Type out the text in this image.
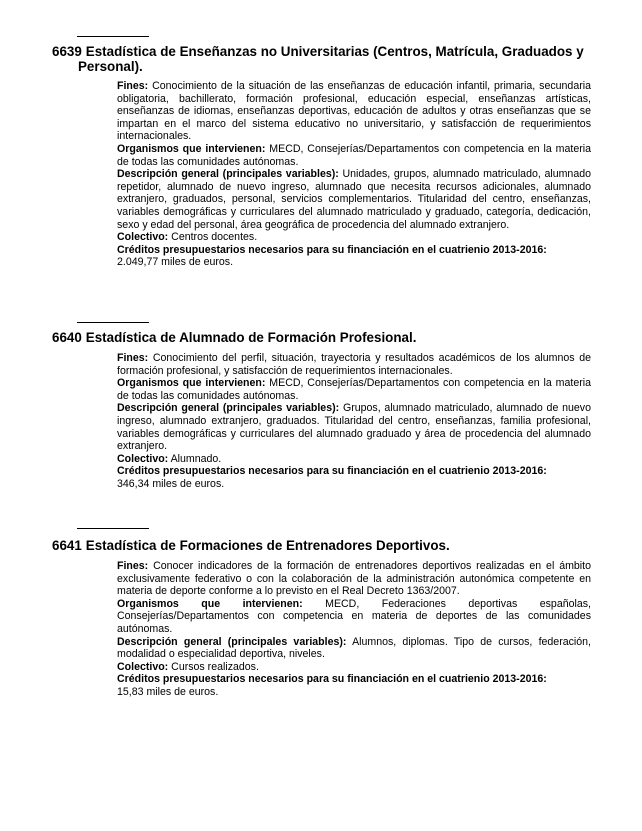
6639 Estadística de Enseñanzas no Universitarias (Centros, Matrícula, Graduados y
Personal).

Fines: Conocimiento de la situación de las enseñanzas de educación infantil, primaria, secundaria obligatoria, bachillerato, formación profesional, educación especial, enseñanzas artísticas, enseñanzas de idiomas, enseñanzas deportivas, educación de adultos y otras enseñanzas que se impartan en el marco del sistema educativo no universitario, y satisfacción de requerimientos internacionales.

Organismos que intervienen: MECD, Consejerías/Departamentos con competencia en la materia de todas las comunidades autónomas.

Descripción general (principales variables): Unidades, grupos, alumnado matriculado, alumnado repetidor, alumnado de nuevo ingreso, alumnado que necesita recursos adicionales, alumnado extranjero, graduados, personal, servicios complementarios. Titularidad del centro, enseñanzas, variables demográficas y curriculares del alumnado matriculado y graduado, categoría, dedicación, sexo y edad del personal, área geográfica de procedencia del alumnado extranjero.

Colectivo: Centros docentes.

Créditos presupuestarios necesarios para su financiación en el cuatrienio 2013-2016:
2.049,77 miles de euros.

6640 Estadística de Alumnado de Formación Profesional.

Fines: Conocimiento del perfil, situación, trayectoria y resultados académicos de los alumnos de formación profesional, y satisfacción de requerimientos internacionales.

Organismos que intervienen: MECD, Consejerías/Departamentos con competencia en la materia de todas las comunidades autónomas.

Descripción general (principales variables): Grupos, alumnado matriculado, alumnado de nuevo ingreso, alumnado extranjero, graduados. Titularidad del centro, enseñanzas, familia profesional, variables demográficas y curriculares del alumnado graduado y área de procedencia del alumnado extranjero.

Colectivo: Alumnado.

Créditos presupuestarios necesarios para su financiación en el cuatrienio 2013-2016:
346,34 miles de euros.

6641 Estadística de Formaciones de Entrenadores Deportivos.

Fines: Conocer indicadores de la formación de entrenadores deportivos realizadas en el ámbito exclusivamente federativo o con la colaboración de la administración autonómica competente en materia de deporte conforme a lo previsto en el Real Decreto 1363/2007.

Organismos que intervienen: MECD, Federaciones deportivas españolas, Consejerías/Departamentos con competencia en materia de deportes de las comunidades autónomas.

Descripción general (principales variables): Alumnos, diplomas. Tipo de cursos, federación, modalidad o especialidad deportiva, niveles.

Colectivo: Cursos realizados.

Créditos presupuestarios necesarios para su financiación en el cuatrienio 2013-2016:
15,83 miles de euros.
